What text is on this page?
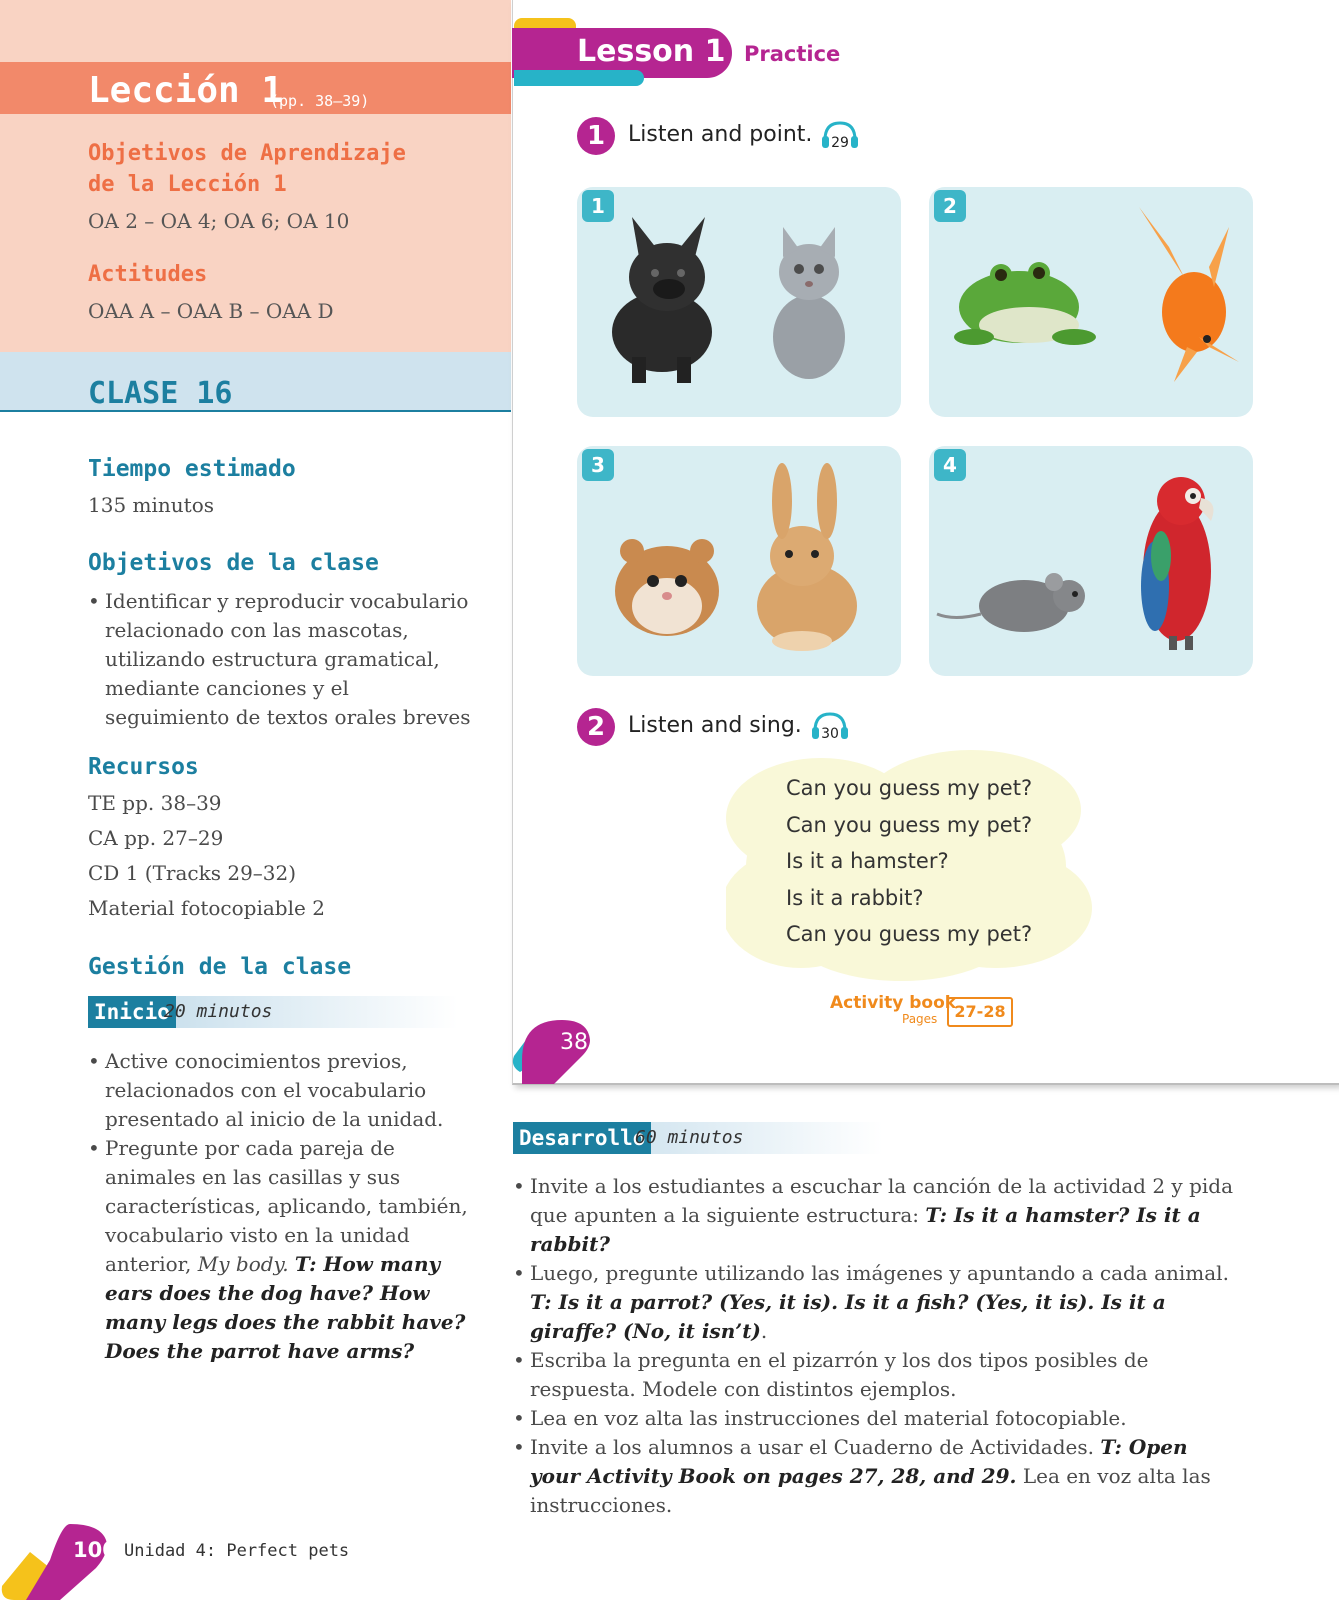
Lección 1
(pp. 38–39)
Objetivos de Aprendizaje
de la Lección 1
OA 2 – OA 4; OA 6; OA 10
Actitudes
OAA A – OAA B – OAA D
CLASE 16
Tiempo estimado
135 minutos
Objetivos de la clase
• Identificar y reproducir vocabulario relacionado con las mascotas, utilizando estructura gramatical, mediante canciones y el seguimiento de textos orales breves
Recursos
TE pp. 38–39
CA pp. 27–29
CD 1 (Tracks 29–32)
Material fotocopiable 2
Gestión de la clase
Inicio
20 minutos
• Active conocimientos previos, relacionados con el vocabulario presentado al inicio de la unidad.
• Pregunte por cada pareja de animales en las casillas y sus características, aplicando, también, vocabulario visto en la unidad anterior, My body. T: How many ears does the dog have? How many legs does the rabbit have? Does the parrot have arms?
Lesson 1 Practice
1	Listen and point. 29
1	2
3	4
2	Listen and sing. 30
Can you guess my pet?
Can you guess my pet?
Is it a hamster?
Is it a rabbit?
Can you guess my pet?
Activity book
Pages	27-28
38
Desarrollo
60 minutos
• Invite a los estudiantes a escuchar la canción de la actividad 2 y pida que apunten a la siguiente estructura: T: Is it a hamster? Is it a rabbit?
• Luego, pregunte utilizando las imágenes y apuntando a cada animal. T: Is it a parrot? (Yes, it is). Is it a fish? (Yes, it is). Is it a giraffe? (No, it isn’t).
• Escriba la pregunta en el pizarrón y los dos tipos posibles de respuesta. Modele con distintos ejemplos.
• Lea en voz alta las instrucciones del material fotocopiable.
• Invite a los alumnos a usar el Cuaderno de Actividades. T: Open your Activity Book on pages 27, 28, and 29. Lea en voz alta las instrucciones.
100 Unidad 4: Perfect pets
